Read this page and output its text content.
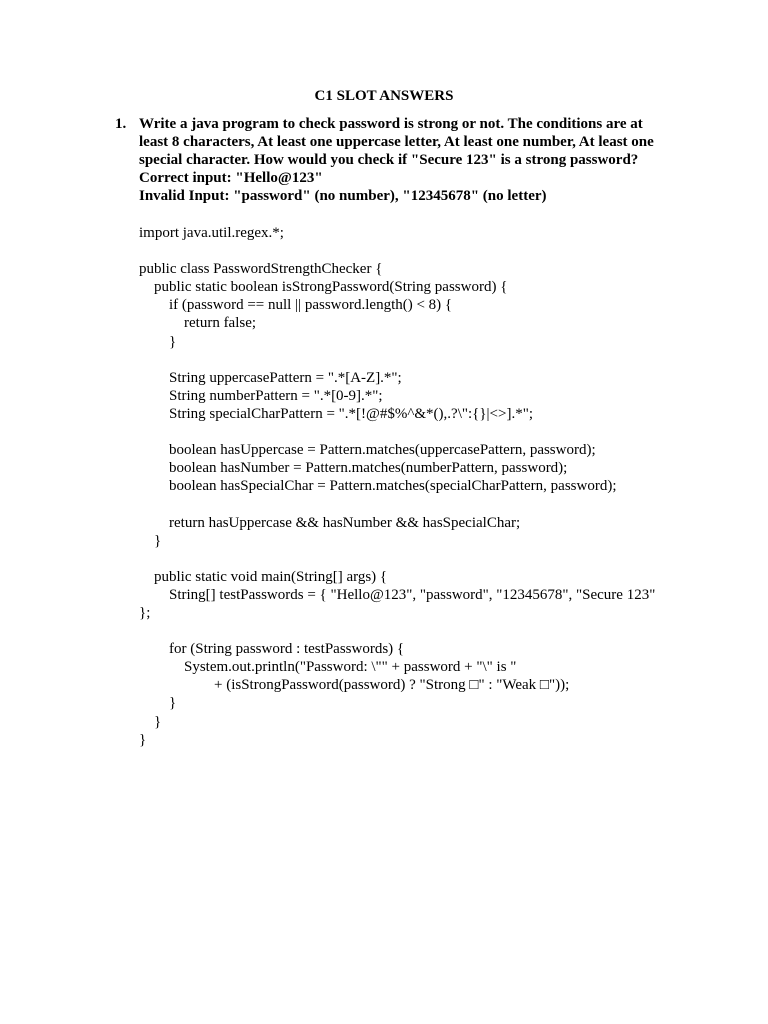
C1 SLOT ANSWERS
1. Write a java program to check password is strong or not. The conditions are at
least 8 characters, At least one uppercase letter, At least one number, At least one
special character. How would you check if "Secure 123" is a strong password?
Correct input: "Hello@123"
Invalid Input: "password" (no number), "12345678" (no letter)
import java.util.regex.*;
public class PasswordStrengthChecker {
public static boolean isStrongPassword(String password) {
if (password == null || password.length() < 8) {
return false;
}
String uppercasePattern = ".*[A-Z].*";
String numberPattern = ".*[0-9].*";
String specialCharPattern = ".*[!@#$%^&*(),.?\":{}|<>].*";
boolean hasUppercase = Pattern.matches(uppercasePattern, password);
boolean hasNumber = Pattern.matches(numberPattern, password);
boolean hasSpecialChar = Pattern.matches(specialCharPattern, password);
return hasUppercase && hasNumber && hasSpecialChar;
}
public static void main(String[] args) {
String[] testPasswords = { "Hello@123", "password", "12345678", "Secure 123"
};
for (String password : testPasswords) {
System.out.println("Password: \"" + password + "\" is "
+ (isStrongPassword(password) ? "Strong □" : "Weak □"));
}
}
}
